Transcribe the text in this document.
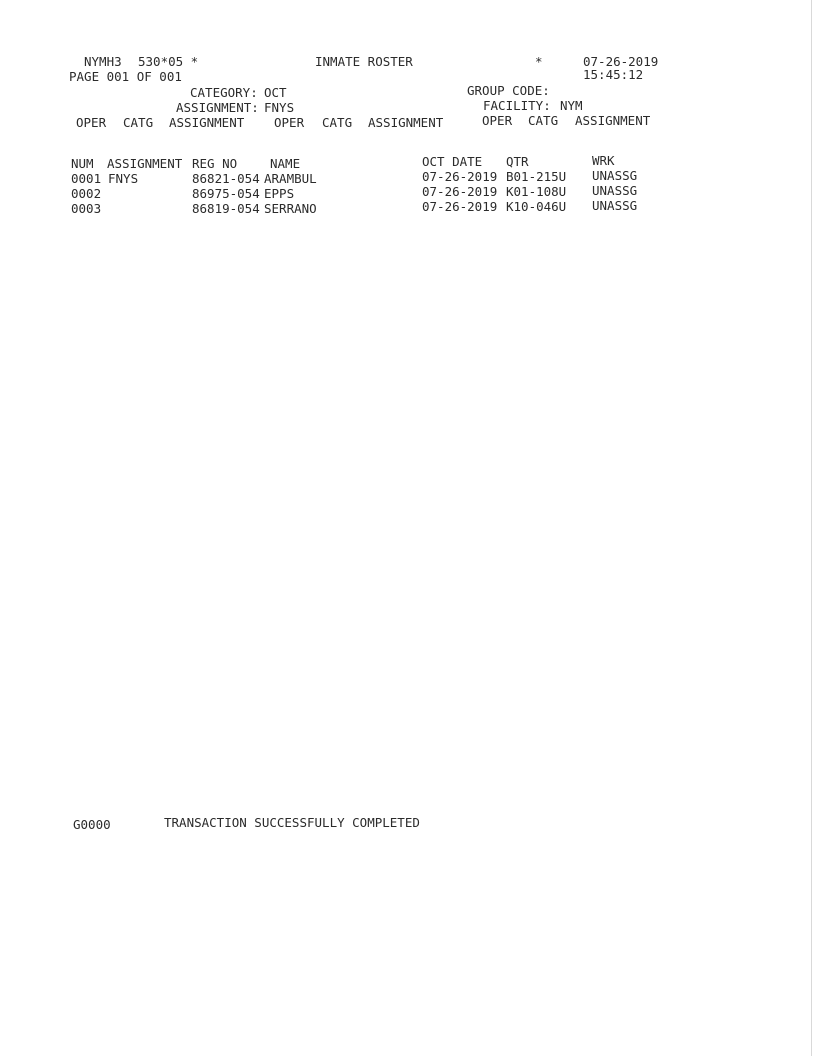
NYMH3 530*05 *	INMATE ROSTER	*	07-26-2019
PAGE 001 OF 001	15:45:12
CATEGORY: OCT	GROUP CODE:
ASSIGNMENT: FNYS	FACILITY: NYM
OPER CATG ASSIGNMENT OPER CATG ASSIGNMENT	OPER CATG ASSIGNMENT
NUM ASSIGNMENT REG NO	NAME	OCT DATE QTR	WRK
0001 FNYS	86821-054 ARAMBUL	07-26-2019 B01-215U UNASSG
0002	86975-054 EPPS	07-26-2019 K01-108U UNASSG
0003	86819-054 SERRANO	07-26-2019 K10-046U UNASSG
G0000	TRANSACTION SUCCESSFULLY COMPLETED
